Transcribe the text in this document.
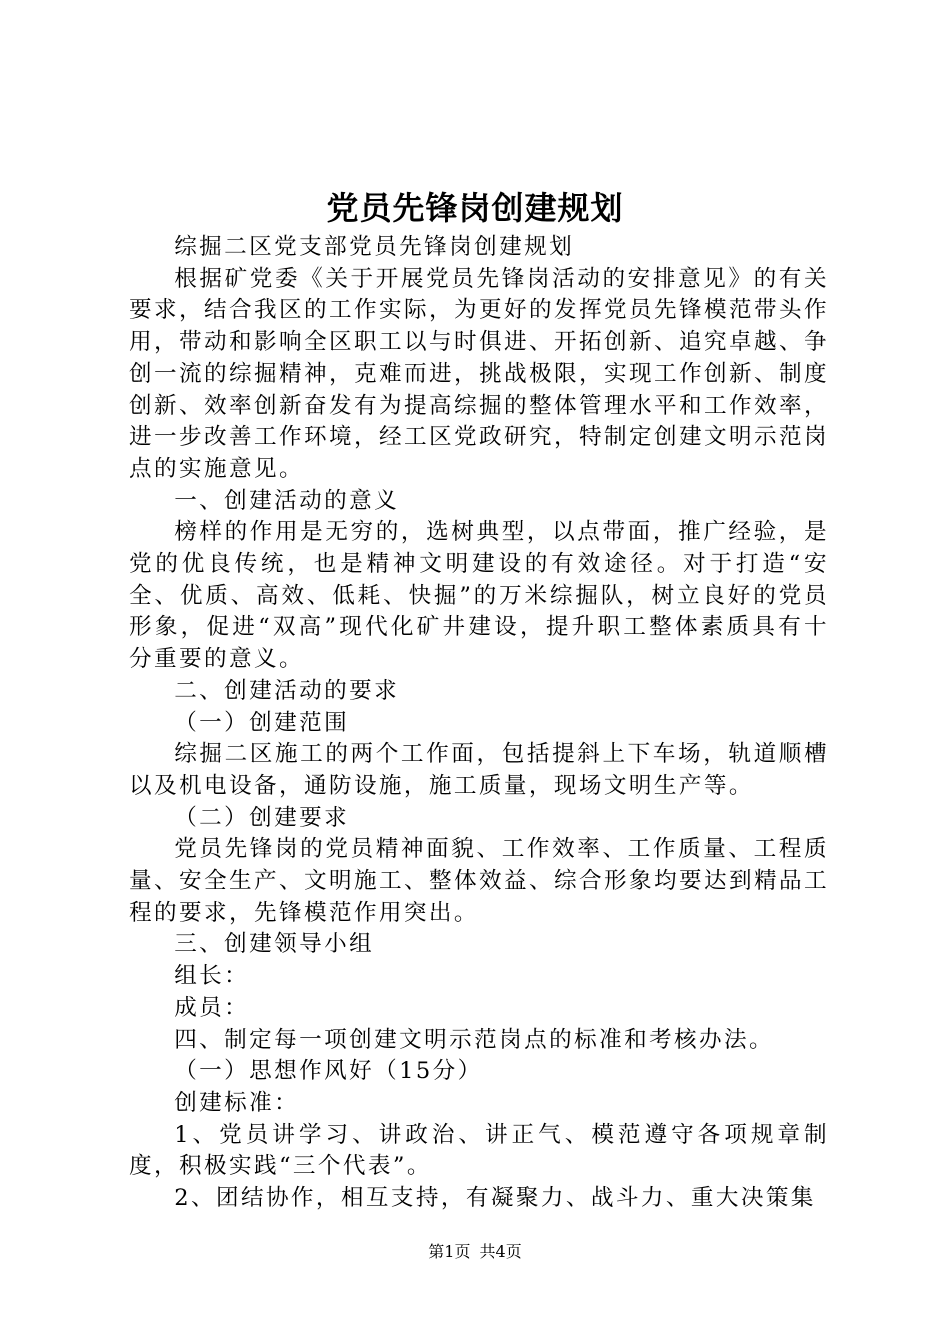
党员先锋岗创建规划

综掘二区党支部党员先锋岗创建规划

根据矿党委《关于开展党员先锋岗活动的安排意见》的有关要求，结合我区的工作实际，为更好的发挥党员先锋模范带头作用，带动和影响全区职工以与时俱进、开拓创新、追究卓越、争创一流的综掘精神，克难而进，挑战极限，实现工作创新、制度创新、效率创新奋发有为提高综掘的整体管理水平和工作效率，进一步改善工作环境，经工区党政研究，特制定创建文明示范岗点的实施意见。

一、创建活动的意义

榜样的作用是无穷的，选树典型，以点带面，推广经验，是党的优良传统，也是精神文明建设的有效途径。对于打造“安全、优质、高效、低耗、快掘”的万米综掘队，树立良好的党员形象，促进“双高”现代化矿井建设，提升职工整体素质具有十分重要的意义。

二、创建活动的要求

（一）创建范围

综掘二区施工的两个工作面，包括提斜上下车场，轨道顺槽以及机电设备，通防设施，施工质量，现场文明生产等。

（二）创建要求

党员先锋岗的党员精神面貌、工作效率、工作质量、工程质量、安全生产、文明施工、整体效益、综合形象均要达到精品工程的要求，先锋模范作用突出。

三、创建领导小组

组长：

成员：

四、制定每一项创建文明示范岗点的标准和考核办法。

（一）思想作风好（15分）

创建标准：

1、党员讲学习、讲政治、讲正气、模范遵守各项规章制度，积极实践“三个代表”。

2、团结协作，相互支持，有凝聚力、战斗力、重大决策集

第1页 共4页
